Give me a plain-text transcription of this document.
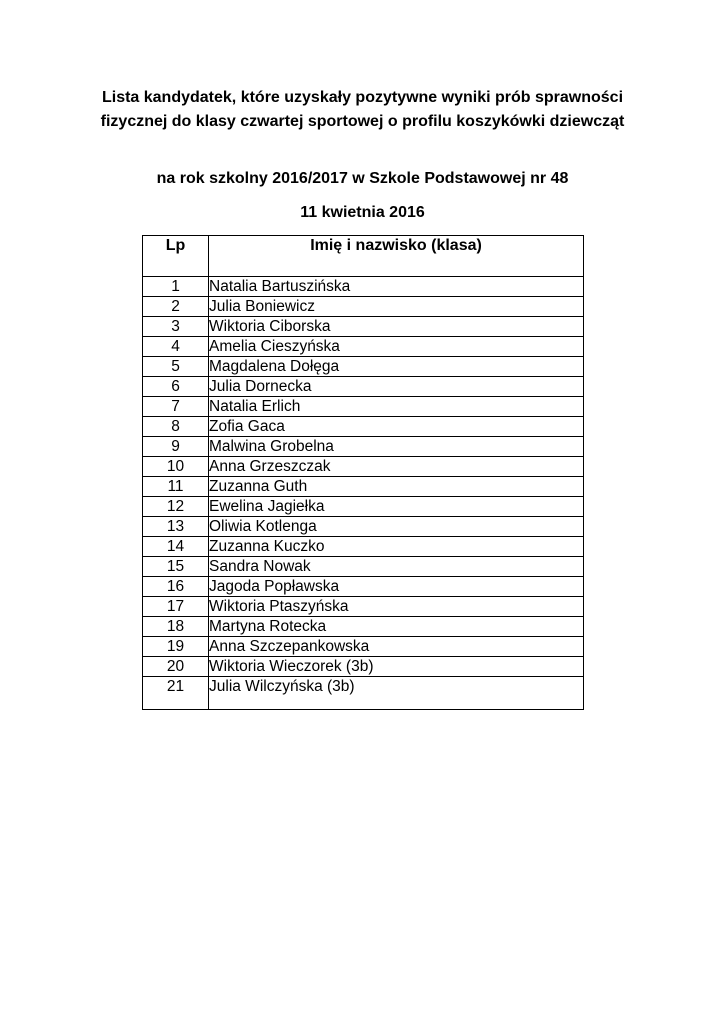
Lista kandydatek, które uzyskały pozytywne wyniki prób sprawności fizycznej do klasy czwartej sportowej o profilu koszykówki dziewcząt
na rok szkolny 2016/2017 w Szkole Podstawowej nr 48
11 kwietnia 2016
Lp	Imię i nazwisko (klasa)
1	Natalia Bartuszińska
2	Julia Boniewicz
3	Wiktoria Ciborska
4	Amelia Cieszyńska
5	Magdalena Dołęga
6	Julia Dornecka
7	Natalia Erlich
8	Zofia Gaca
9	Malwina Grobelna
10	Anna Grzeszczak
11	Zuzanna Guth
12	Ewelina Jagiełka
13	Oliwia Kotlenga
14	Zuzanna Kuczko
15	Sandra Nowak
16	Jagoda Popławska
17	Wiktoria Ptaszyńska
18	Martyna Rotecka
19	Anna Szczepankowska
20	Wiktoria Wieczorek (3b)
21	Julia Wilczyńska (3b)
